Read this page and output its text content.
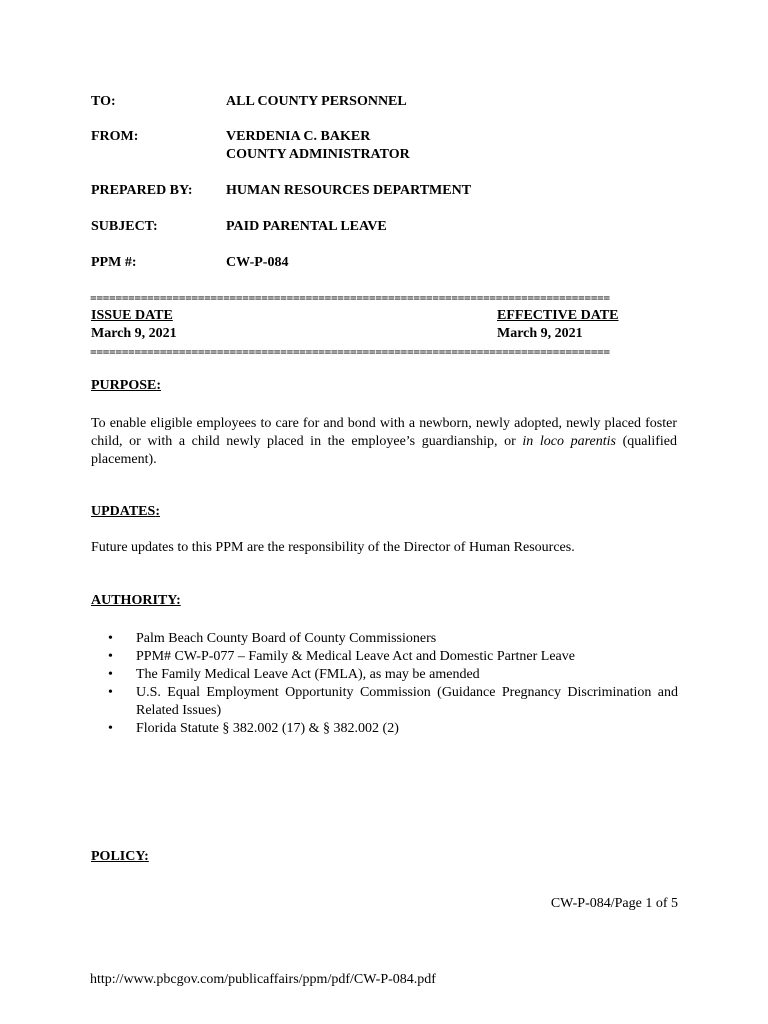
TO:	ALL COUNTY PERSONNEL
FROM:	VERDENIA C. BAKER
COUNTY ADMINISTRATOR
PREPARED BY: HUMAN RESOURCES DEPARTMENT
SUBJECT:	PAID PARENTAL LEAVE
PPM #:	CW-P-084
==================================================================================
ISSUE DATE
March 9, 2021
EFFECTIVE DATE
March 9, 2021
==================================================================================
PURPOSE:
To enable eligible employees to care for and bond with a newborn, newly adopted, newly placed foster child, or with a child newly placed in the employee’s guardianship, or in loco parentis (qualified placement).
UPDATES:
Future updates to this PPM are the responsibility of the Director of Human Resources.
AUTHORITY:
• Palm Beach County Board of County Commissioners
• PPM# CW-P-077 – Family & Medical Leave Act and Domestic Partner Leave
• The Family Medical Leave Act (FMLA), as may be amended
• U.S. Equal Employment Opportunity Commission (Guidance Pregnancy Discrimination and Related Issues)
• Florida Statute § 382.002 (17) & § 382.002 (2)
POLICY:
CW-P-084/Page 1 of 5
http://www.pbcgov.com/publicaffairs/ppm/pdf/CW-P-084.pdf
